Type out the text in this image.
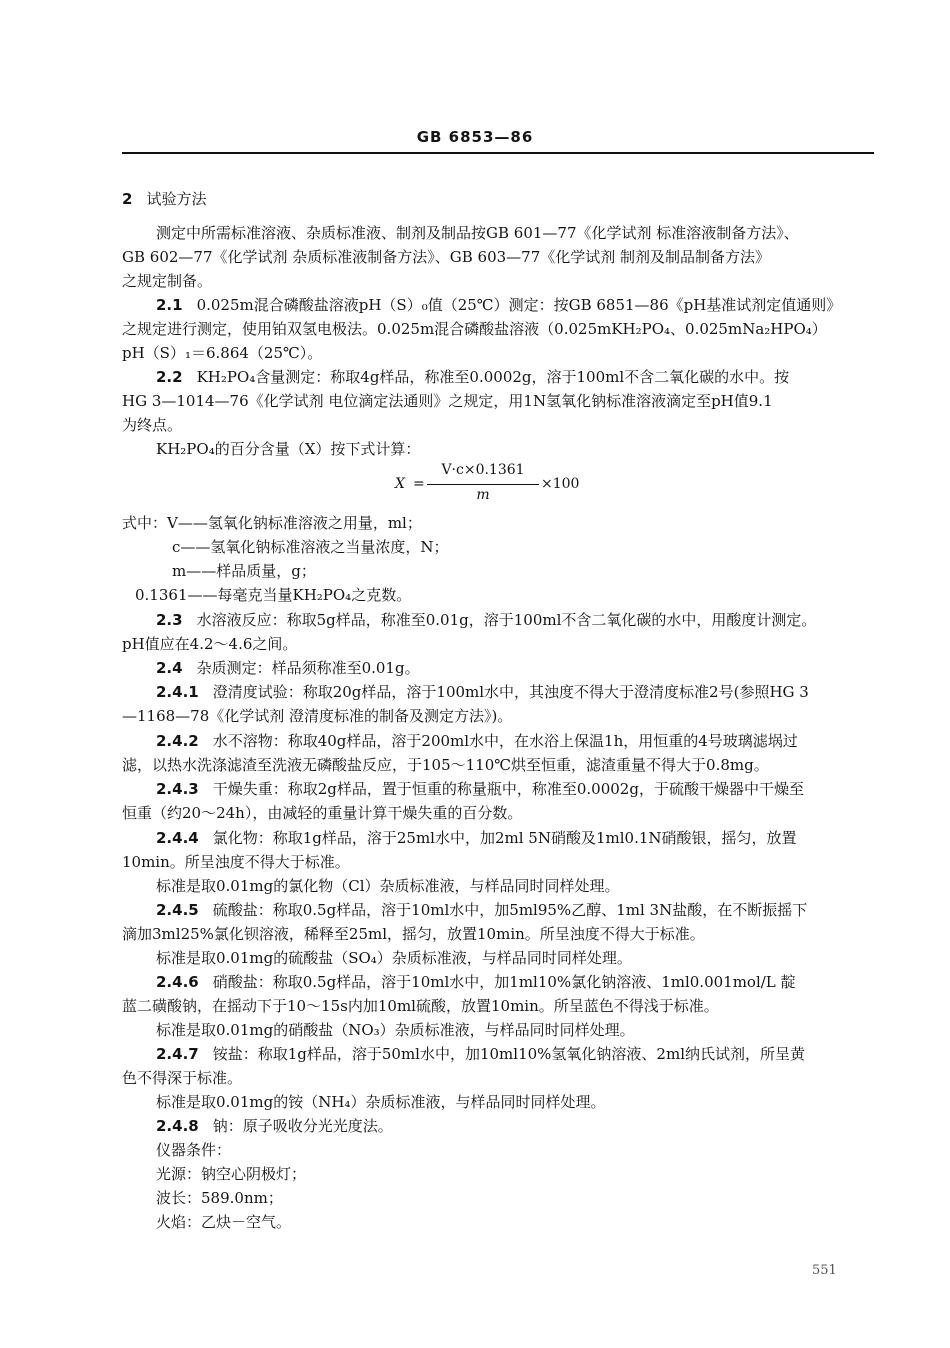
GB 6853—86
2 试验方法
测定中所需标准溶液、杂质标准液、制剂及制品按GB 601—77《化学试剂 标准溶液制备方法》、
GB 602—77《化学试剂 杂质标准液制备方法》、GB 603—77《化学试剂 制剂及制品制备方法》
之规定制备。
2.1 0.025m混合磷酸盐溶液pH（S）₀值（25℃）测定：按GB 6851—86《pH基准试剂定值通则》
之规定进行测定，使用铂双氢电极法。0.025m混合磷酸盐溶液（0.025mKH₂PO₄、0.025mNa₂HPO₄）
pH（S）₁＝6.864（25℃）。
2.2 KH₂PO₄含量测定：称取4g样品，称准至0.0002g，溶于100ml不含二氧化碳的水中。按
HG 3—1014—76《化学试剂 电位滴定法通则》之规定，用1N氢氧化钠标准溶液滴定至pH值9.1
为终点。
KH₂PO₄的百分含量（X）按下式计算：
X =
V·c×0.1361
m
×100
式中：V——氢氧化钠标准溶液之用量，ml；
c——氢氧化钠标准溶液之当量浓度，N；
m——样品质量，g；
0.1361——每毫克当量KH₂PO₄之克数。
2.3 水溶液反应：称取5g样品，称准至0.01g，溶于100ml不含二氧化碳的水中，用酸度计测定。
pH值应在4.2～4.6之间。
2.4 杂质测定：样品须称准至0.01g。
2.4.1 澄清度试验：称取20g样品，溶于100ml水中，其浊度不得大于澄清度标准2号(参照HG 3
—1168—78《化学试剂 澄清度标准的制备及测定方法》)。
2.4.2 水不溶物：称取40g样品，溶于200ml水中，在水浴上保温1h，用恒重的4号玻璃滤埚过
滤，以热水洗涤滤渣至洗液无磷酸盐反应，于105～110℃烘至恒重，滤渣重量不得大于0.8mg。
2.4.3 干燥失重：称取2g样品，置于恒重的称量瓶中，称准至0.0002g，于硫酸干燥器中干燥至
恒重（约20～24h），由减轻的重量计算干燥失重的百分数。
2.4.4 氯化物：称取1g样品，溶于25ml水中，加2ml 5N硝酸及1ml0.1N硝酸银，摇匀，放置
10min。所呈浊度不得大于标准。
标准是取0.01mg的氯化物（Cl）杂质标准液，与样品同时同样处理。
2.4.5 硫酸盐：称取0.5g样品，溶于10ml水中，加5ml95%乙醇、1ml 3N盐酸，在不断振摇下
滴加3ml25%氯化钡溶液，稀释至25ml，摇匀，放置10min。所呈浊度不得大于标准。
标准是取0.01mg的硫酸盐（SO₄）杂质标准液，与样品同时同样处理。
2.4.6 硝酸盐：称取0.5g样品，溶于10ml水中，加1ml10%氯化钠溶液、1ml0.001mol/L 靛
蓝二磺酸钠，在摇动下于10～15s内加10ml硫酸，放置10min。所呈蓝色不得浅于标准。
标准是取0.01mg的硝酸盐（NO₃）杂质标准液，与样品同时同样处理。
2.4.7 铵盐：称取1g样品，溶于50ml水中，加10ml10%氢氧化钠溶液、2ml纳氏试剂，所呈黄
色不得深于标准。
标准是取0.01mg的铵（NH₄）杂质标准液，与样品同时同样处理。
2.4.8 钠：原子吸收分光光度法。
仪器条件：
光源：钠空心阴极灯；
波长：589.0nm；
火焰：乙炔－空气。
551
